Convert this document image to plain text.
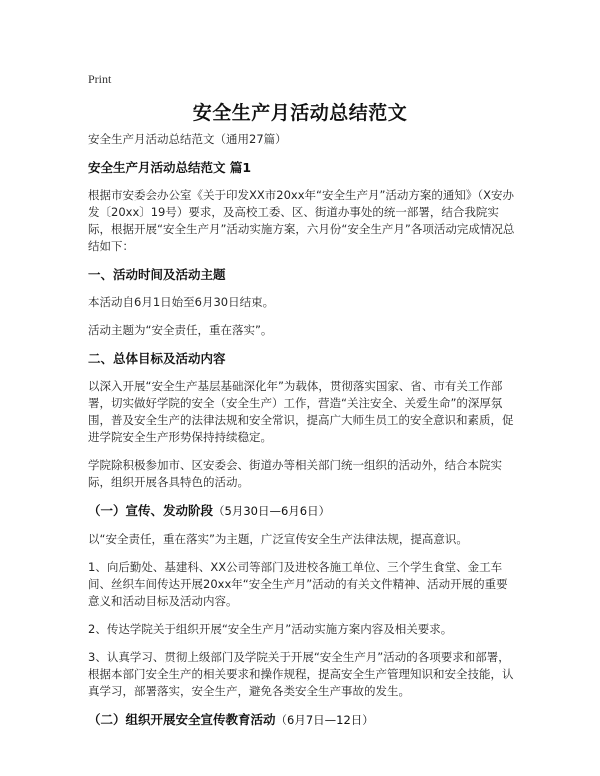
Print
安全生产月活动总结范文

安全生产月活动总结范文（通用27篇）

安全生产月活动总结范文 篇1

根据市安委会办公室《关于印发XX市20xx年“安全生产月”活动方案的通知》（X安办发〔20xx〕19号）要求，及高校工委、区、街道办事处的统一部署，结合我院实际，根据开展“安全生产月”活动实施方案，六月份“安全生产月”各项活动完成情况总结如下：

一、活动时间及活动主题

本活动自6月1日始至6月30日结束。

活动主题为“安全责任，重在落实”。

二、总体目标及活动内容

以深入开展“安全生产基层基础深化年”为载体，贯彻落实国家、省、市有关工作部署，切实做好学院的安全（安全生产）工作，营造“关注安全、关爱生命”的深厚氛围，普及安全生产的法律法规和安全常识，提高广大师生员工的安全意识和素质，促进学院安全生产形势保持持续稳定。

学院除积极参加市、区安委会、街道办等相关部门统一组织的活动外，结合本院实际，组织开展各具特色的活动。

（一）宣传、发动阶段（5月30日—6月6日）

以“安全责任，重在落实”为主题，广泛宣传安全生产法律法规，提高意识。

1、向后勤处、基建科、XX公司等部门及进校各施工单位、三个学生食堂、金工车间、丝织车间传达开展20xx年“安全生产月”活动的有关文件精神、活动开展的重要意义和活动目标及活动内容。

2、传达学院关于组织开展“安全生产月”活动实施方案内容及相关要求。

3、认真学习、贯彻上级部门及学院关于开展“安全生产月”活动的各项要求和部署，根据本部门安全生产的相关要求和操作规程，提高安全生产管理知识和安全技能，认真学习，部署落实，安全生产，避免各类安全生产事故的发生。

（二）组织开展安全宣传教育活动（6月7日—12日）
